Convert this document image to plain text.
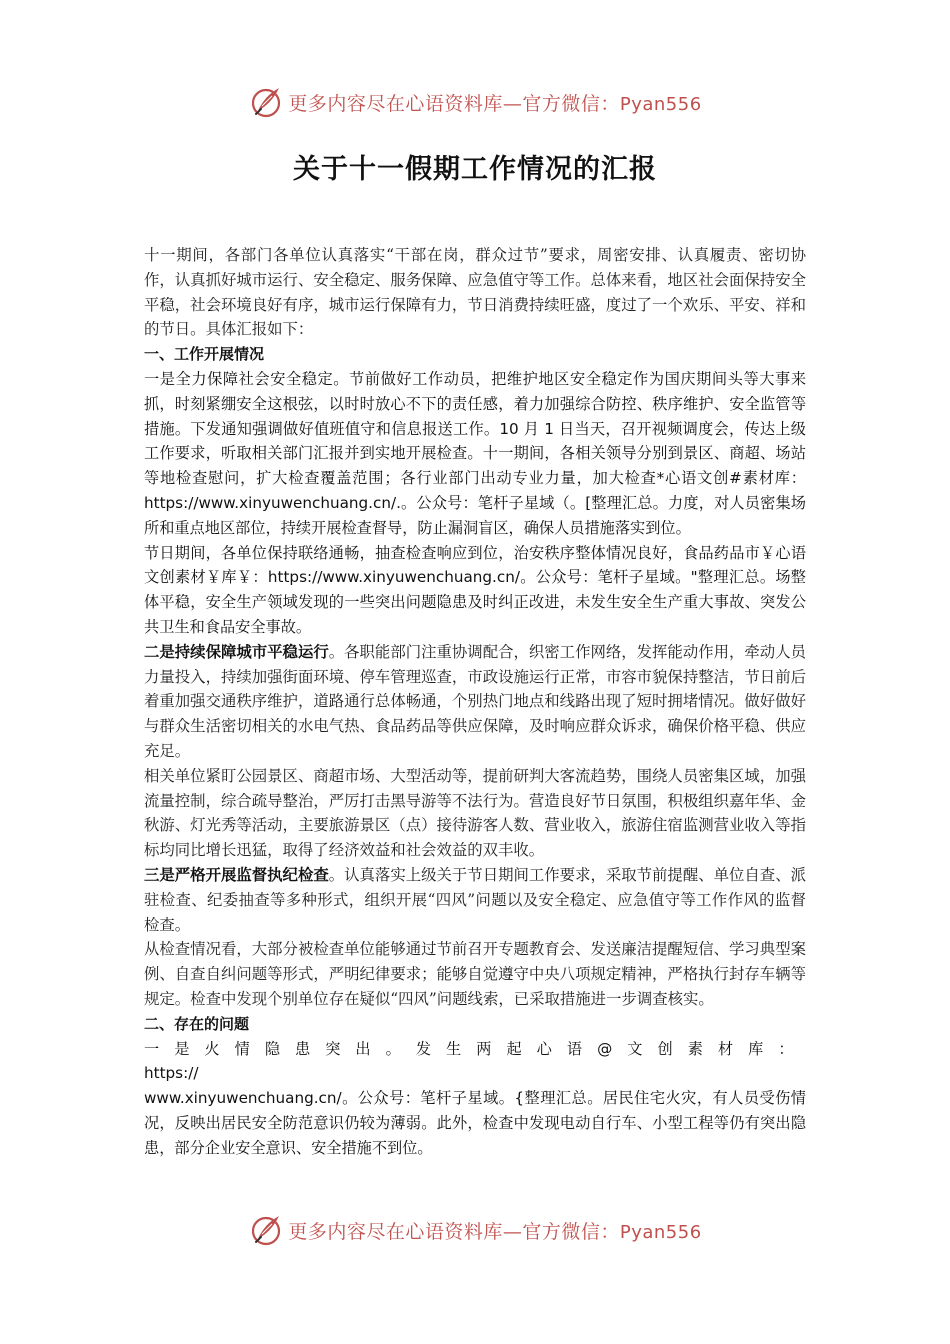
更多内容尽在心语资料库—官方微信：Pyan556
关于十一假期工作情况的汇报

十一期间，各部门各单位认真落实“干部在岗，群众过节”要求，周密安排、认真履责、密切协作，认真抓好城市运行、安全稳定、服务保障、应急值守等工作。总体来看，地区社会面保持安全平稳，社会环境良好有序，城市运行保障有力，节日消费持续旺盛，度过了一个欢乐、平安、祥和的节日。具体汇报如下：

一、工作开展情况

一是全力保障社会安全稳定。节前做好工作动员，把维护地区安全稳定作为国庆期间头等大事来抓，时刻紧绷安全这根弦，以时时放心不下的责任感，着力加强综合防控、秩序维护、安全监管等措施。下发通知强调做好值班值守和信息报送工作。10 月 1 日当天，召开视频调度会，传达上级工作要求，听取相关部门汇报并到实地开展检查。十一期间，各相关领导分别到景区、商超、场站等地检查慰问，扩大检查覆盖范围；各行业部门出动专业力量，加大检查*心语文创#素材库：https://www.xinyuwenchuang.cn/.。公众号：笔杆子星域（。[整理汇总。力度，对人员密集场所和重点地区部位，持续开展检查督导，防止漏洞盲区，确保人员措施落实到位。

节日期间，各单位保持联络通畅，抽查检查响应到位，治安秩序整体情况良好，食品药品市￥心语文创素材￥库￥：https://www.xinyuwenchuang.cn/。公众号：笔杆子星域。"整理汇总。场整体平稳，安全生产领域发现的一些突出问题隐患及时纠正改进，未发生安全生产重大事故、突发公共卫生和食品安全事故。

二是持续保障城市平稳运行。各职能部门注重协调配合，织密工作网络，发挥能动作用，牵动人员力量投入，持续加强街面环境、停车管理巡查，市政设施运行正常，市容市貌保持整洁，节日前后着重加强交通秩序维护，道路通行总体畅通，个别热门地点和线路出现了短时拥堵情况。做好做好与群众生活密切相关的水电气热、食品药品等供应保障，及时响应群众诉求，确保价格平稳、供应充足。

相关单位紧盯公园景区、商超市场、大型活动等，提前研判大客流趋势，围绕人员密集区域，加强流量控制，综合疏导整治，严厉打击黑导游等不法行为。营造良好节日氛围，积极组织嘉年华、金秋游、灯光秀等活动，主要旅游景区（点）接待游客人数、营业收入，旅游住宿监测营业收入等指标均同比增长迅猛，取得了经济效益和社会效益的双丰收。

三是严格开展监督执纪检查。认真落实上级关于节日期间工作要求，采取节前提醒、单位自查、派驻检查、纪委抽查等多种形式，组织开展“四风”问题以及安全稳定、应急值守等工作作风的监督检查。

从检查情况看，大部分被检查单位能够通过节前召开专题教育会、发送廉洁提醒短信、学习典型案例、自查自纠问题等形式，严明纪律要求；能够自觉遵守中央八项规定精神，严格执行封存车辆等规定。检查中发现个别单位存在疑似“四风”问题线索，已采取措施进一步调查核实。

二、存在的问题

一是火情隐患突出。发生两起心语@文创素材库：https://
www.xinyuwenchuang.cn/。公众号：笔杆子星域。{整理汇总。居民住宅火灾，有人员受伤情况，反映出居民安全防范意识仍较为薄弱。此外，检查中发现电动自行车、小型工程等仍有突出隐患，部分企业安全意识、安全措施不到位。

更多内容尽在心语资料库—官方微信：Pyan556
